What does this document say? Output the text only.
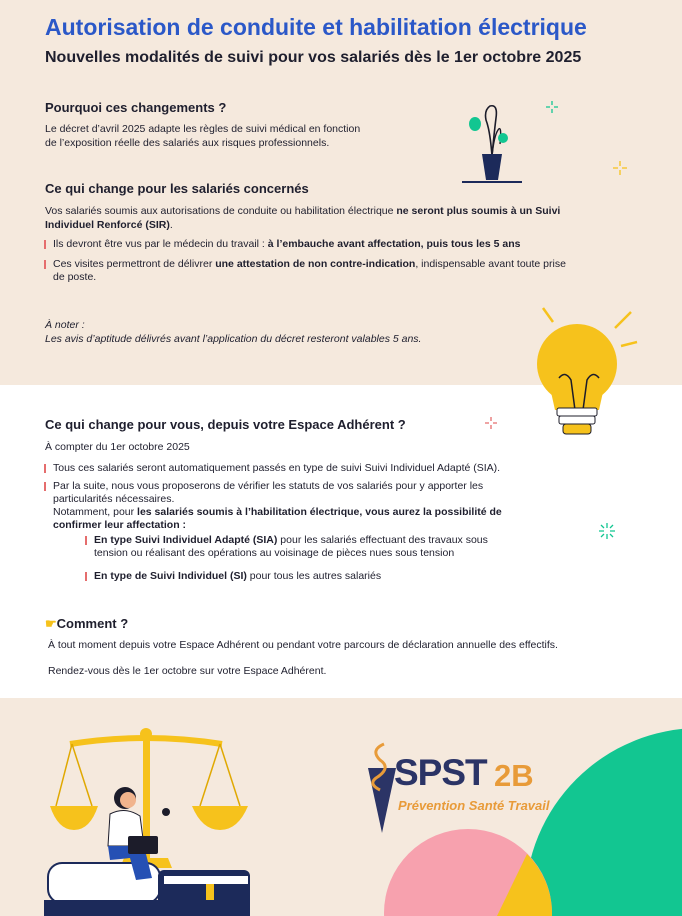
SPST 2B
Prévention Santé Travail
Autorisation de conduite et habilitation électrique
Nouvelles modalités de suivi pour vos salariés dès le 1er octobre 2025
Pourquoi ces changements ?
Le décret d’avril 2025 adapte les règles de suivi médical en fonction
de l’exposition réelle des salariés aux risques professionnels.
Ce qui change pour les salariés concernés
Vos salariés soumis aux autorisations de conduite ou habilitation électrique ne seront plus soumis à un Suivi
Individuel Renforcé (SIR).
Ils devront être vus par le médecin du travail : à l’embauche avant affectation, puis tous les 5 ans
Ces visites permettront de délivrer une attestation de non contre-indication, indispensable avant toute prise
de poste.
À noter :
Les avis d’aptitude délivrés avant l’application du décret resteront valables 5 ans.
Ce qui change pour vous, depuis votre Espace Adhérent ?
À compter du 1er octobre 2025
Tous ces salariés seront automatiquement passés en type de suivi Suivi Individuel Adapté (SIA).
Par la suite, nous vous proposerons de vérifier les statuts de vos salariés pour y apporter les
particularités nécessaires.
Notamment, pour les salariés soumis à l’habilitation électrique, vous aurez la possibilité de
confirmer leur affectation :
En type Suivi Individuel Adapté (SIA) pour les salariés effectuant des travaux sous
tension ou réalisant des opérations au voisinage de pièces nues sous tension
En type de Suivi Individuel (SI) pour tous les autres salariés
☛Comment ?
À tout moment depuis votre Espace Adhérent ou pendant votre parcours de déclaration annuelle des effectifs.
Rendez-vous dès le 1er octobre sur votre Espace Adhérent.
